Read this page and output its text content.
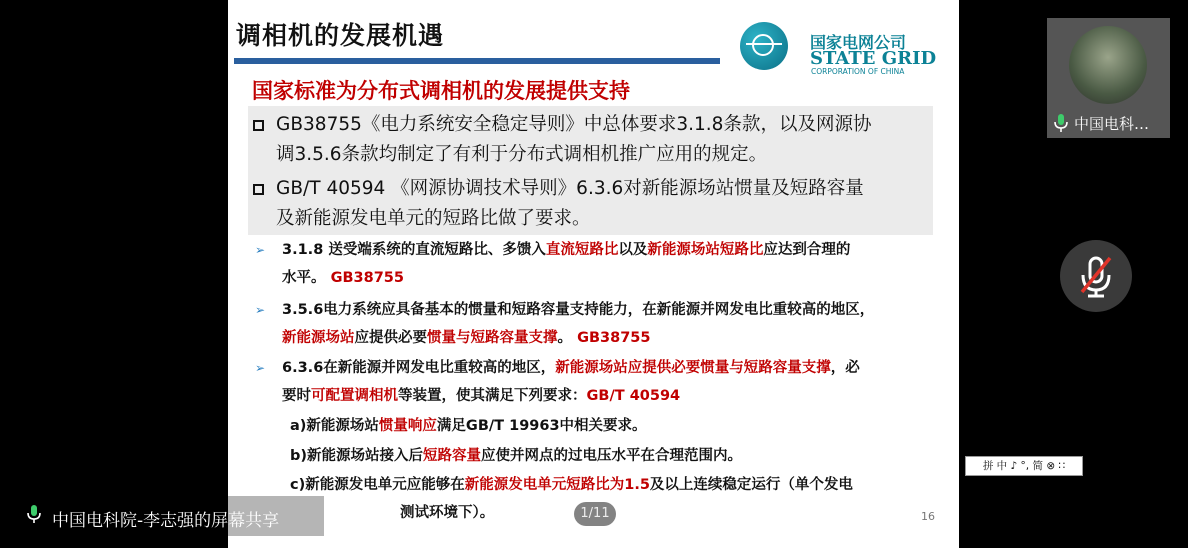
调相机的发展机遇	国家电网公司
STATE GRID
CORPORATION OF CHINA
国家标准为分布式调相机的发展提供支持
GB38755《电力系统安全稳定导则》中总体要求3.1.8条款，以及网源协
调3.5.6条款均制定了有利于分布式调相机推广应用的规定。
GB/T 40594 《网源协调技术导则》6.3.6对新能源场站惯量及短路容量
及新能源发电单元的短路比做了要求。
➢ 3.1.8 送受端系统的直流短路比、多馈入直流短路比以及新能源场站短路比应达到合理的
水平。 GB38755
➢ 3.5.6电力系统应具备基本的惯量和短路容量支持能力，在新能源并网发电比重较高的地区，
新能源场站应提供必要惯量与短路容量支撑。 GB38755
➢ 6.3.6在新能源并网发电比重较高的地区，新能源场站应提供必要惯量与短路容量支撑，必
要时可配置调相机等装置，使其满足下列要求：GB/T 40594
a)新能源场站惯量响应满足GB/T 19963中相关要求。
b)新能源场站接入后短路容量应使并网点的过电压水平在合理范围内。
c)新能源发电单元应能够在新能源发电单元短路比为1.5及以上连续稳定运行（单个发电
测试环境下）。	16
中国电科院-李志强的屏幕共享	1/11
中国电科…
拼 中 ♪ °, 简 ⊗ ∷
